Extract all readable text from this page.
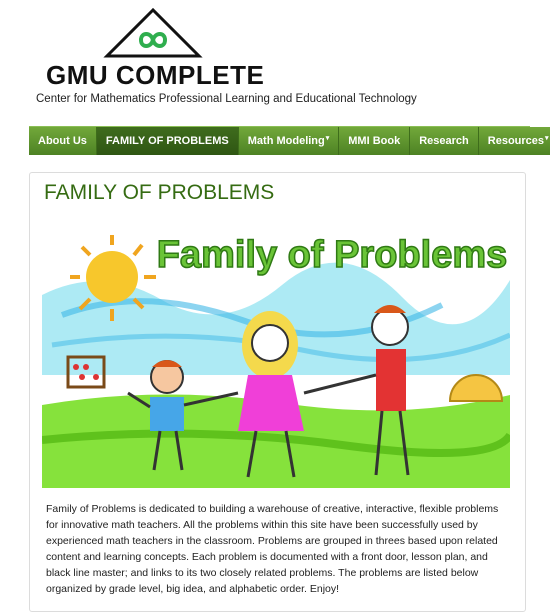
GMU COMPLETE
Center for Mathematics Professional Learning and Educational Technology
About Us	FAMILY OF PROBLEMS	Math Modeling▾	MMI Book	Research	Resources▾
FAMILY OF PROBLEMS
Family of Problems

Family of Problems is dedicated to building a warehouse of creative, interactive, flexible problems for innovative math teachers. All the problems within this site have been successfully used by experienced math teachers in the classroom. Problems are grouped in threes based upon related content and learning concepts. Each problem is documented with a front door, lesson plan, and black line master; and links to its two closely related problems. The problems are listed below organized by grade level, big idea, and alphabetic order. Enjoy!
